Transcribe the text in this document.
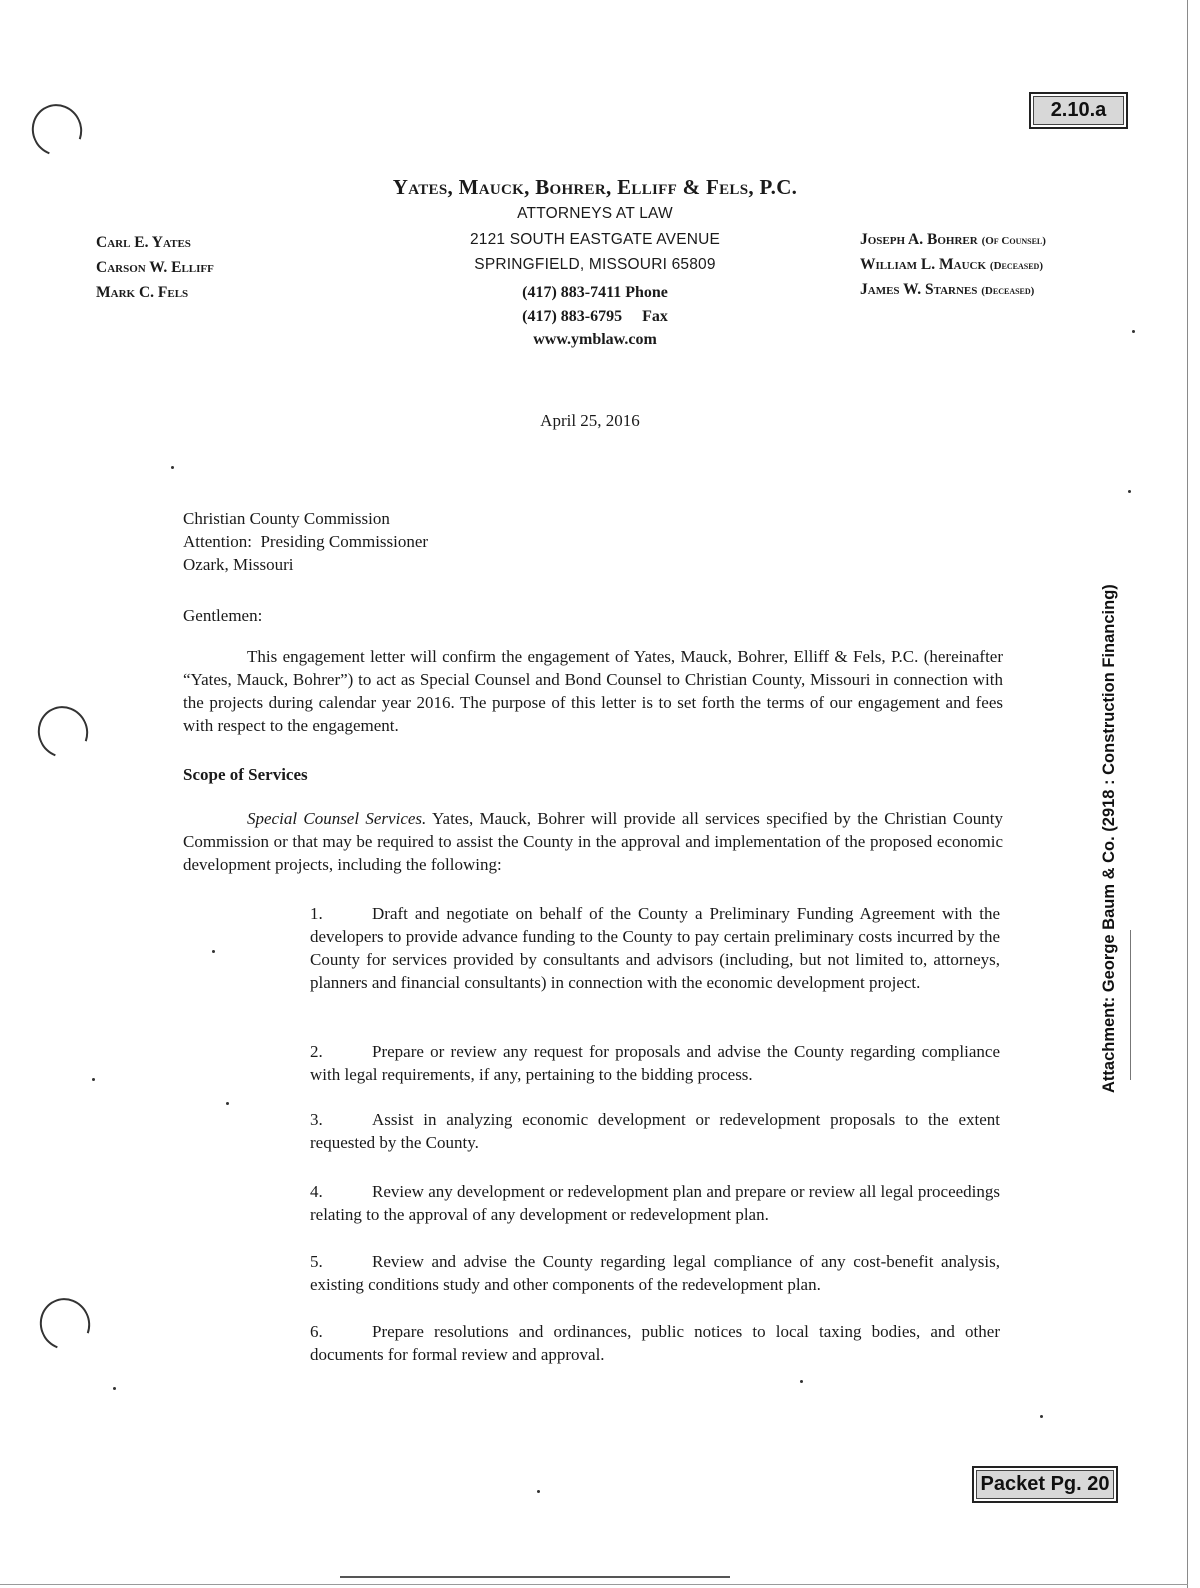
2.10.a
Packet Pg. 20
Yates, Mauck, Bohrer, Elliff & Fels, P.C.
ATTORNEYS AT LAW
2121 SOUTH EASTGATE AVENUE
SPRINGFIELD, MISSOURI 65809
(417) 883-7411 Phone
(417) 883-6795     Fax
www.ymblaw.com
Carl E. Yates
Carson W. Elliff
Mark C. Fels
Joseph A. Bohrer (Of Counsel)
William L. Mauck (Deceased)
James W. Starnes (Deceased)
April 25, 2016
Christian County Commission
Attention:  Presiding Commissioner
Ozark, Missouri
Gentlemen:
This engagement letter will confirm the engagement of Yates, Mauck, Bohrer, Elliff & Fels, P.C. (hereinafter “Yates, Mauck, Bohrer”) to act as Special Counsel and Bond Counsel to Christian County, Missouri in connection with the projects during calendar year 2016. The purpose of this letter is to set forth the terms of our engagement and fees with respect to the engagement.
Scope of Services
Special Counsel Services. Yates, Mauck, Bohrer will provide all services specified by the Christian County Commission or that may be required to assist the County in the approval and implementation of the proposed economic development projects, including the following:
1.	Draft and negotiate on behalf of the County a Preliminary Funding Agreement with the developers to provide advance funding to the County to pay certain preliminary costs incurred by the County for services provided by consultants and advisors (including, but not limited to, attorneys, planners and financial consultants) in connection with the economic development project.
2.	Prepare or review any request for proposals and advise the County regarding compliance with legal requirements, if any, pertaining to the bidding process.
3.	Assist in analyzing economic development or redevelopment proposals to the extent requested by the County.
4.	Review any development or redevelopment plan and prepare or review all legal proceedings relating to the approval of any development or redevelopment plan.
5.	Review and advise the County regarding legal compliance of any cost-benefit analysis, existing conditions study and other components of the redevelopment plan.
6.	Prepare resolutions and ordinances, public notices to local taxing bodies, and other documents for formal review and approval.
Attachment: George Baum & Co. (2918 : Construction Financing)
